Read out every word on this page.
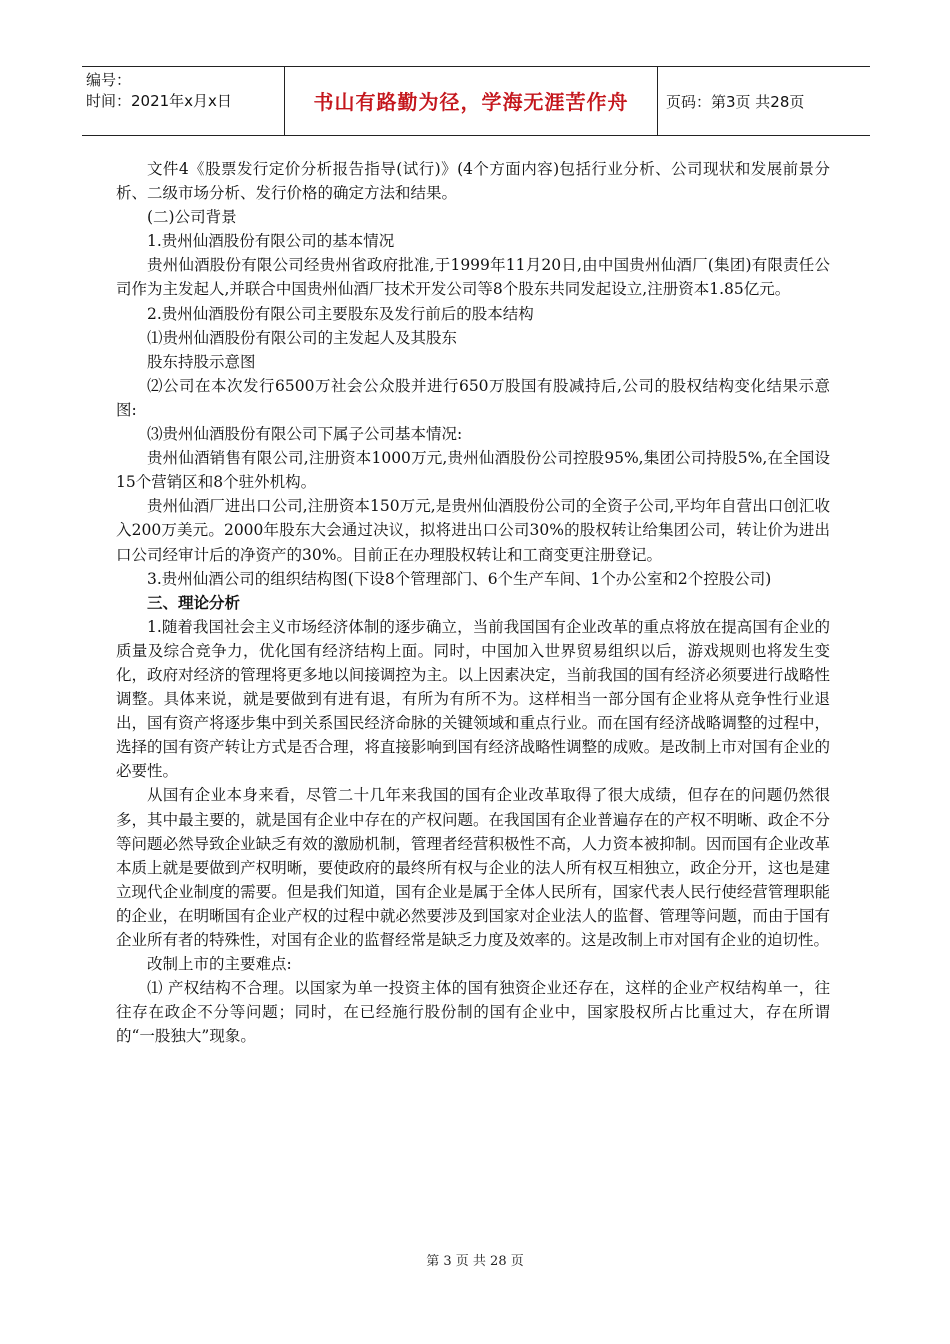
编号：
时间：2021年x月x日	书山有路勤为径，学海无涯苦作舟	页码：第3页 共28页

文件4《股票发行定价分析报告指导(试行)》(4个方面内容)包括行业分析、公司现状和发展前景分析、二级市场分析、发行价格的确定方法和结果。

(二)公司背景

1.贵州仙酒股份有限公司的基本情况

贵州仙酒股份有限公司经贵州省政府批准,于1999年11月20日,由中国贵州仙酒厂(集团)有限责任公司作为主发起人,并联合中国贵州仙酒厂技术开发公司等8个股东共同发起设立,注册资本1.85亿元。

2.贵州仙酒股份有限公司主要股东及发行前后的股本结构

⑴贵州仙酒股份有限公司的主发起人及其股东

股东持股示意图

⑵公司在本次发行6500万社会公众股并进行650万股国有股减持后,公司的股权结构变化结果示意图:

⑶贵州仙酒股份有限公司下属子公司基本情况:

贵州仙酒销售有限公司,注册资本1000万元,贵州仙酒股份公司控股95%,集团公司持股5%,在全国设15个营销区和8个驻外机构。

贵州仙酒厂进出口公司,注册资本150万元,是贵州仙酒股份公司的全资子公司,平均年自营出口创汇收入200万美元。2000年股东大会通过决议，拟将进出口公司30%的股权转让给集团公司，转让价为进出口公司经审计后的净资产的30%。目前正在办理股权转让和工商变更注册登记。

3.贵州仙酒公司的组织结构图(下设8个管理部门、6个生产车间、1个办公室和2个控股公司)

三、理论分析

1.随着我国社会主义市场经济体制的逐步确立，当前我国国有企业改革的重点将放在提高国有企业的质量及综合竞争力，优化国有经济结构上面。同时，中国加入世界贸易组织以后，游戏规则也将发生变化，政府对经济的管理将更多地以间接调控为主。以上因素决定，当前我国的国有经济必须要进行战略性调整。具体来说，就是要做到有进有退，有所为有所不为。这样相当一部分国有企业将从竞争性行业退出，国有资产将逐步集中到关系国民经济命脉的关键领域和重点行业。而在国有经济战略调整的过程中，选择的国有资产转让方式是否合理，将直接影响到国有经济战略性调整的成败。是改制上市对国有企业的必要性。

从国有企业本身来看，尽管二十几年来我国的国有企业改革取得了很大成绩，但存在的问题仍然很多，其中最主要的，就是国有企业中存在的产权问题。在我国国有企业普遍存在的产权不明晰、政企不分等问题必然导致企业缺乏有效的激励机制，管理者经营积极性不高，人力资本被抑制。因而国有企业改革本质上就是要做到产权明晰，要使政府的最终所有权与企业的法人所有权互相独立，政企分开，这也是建立现代企业制度的需要。但是我们知道，国有企业是属于全体人民所有，国家代表人民行使经营管理职能的企业，在明晰国有企业产权的过程中就必然要涉及到国家对企业法人的监督、管理等问题，而由于国有企业所有者的特殊性，对国有企业的监督经常是缺乏力度及效率的。这是改制上市对国有企业的迫切性。

改制上市的主要难点:

⑴ 产权结构不合理。以国家为单一投资主体的国有独资企业还存在，这样的企业产权结构单一，往往存在政企不分等问题；同时，在已经施行股份制的国有企业中，国家股权所占比重过大，存在所谓的“一股独大”现象。

第 3 页 共 28 页
